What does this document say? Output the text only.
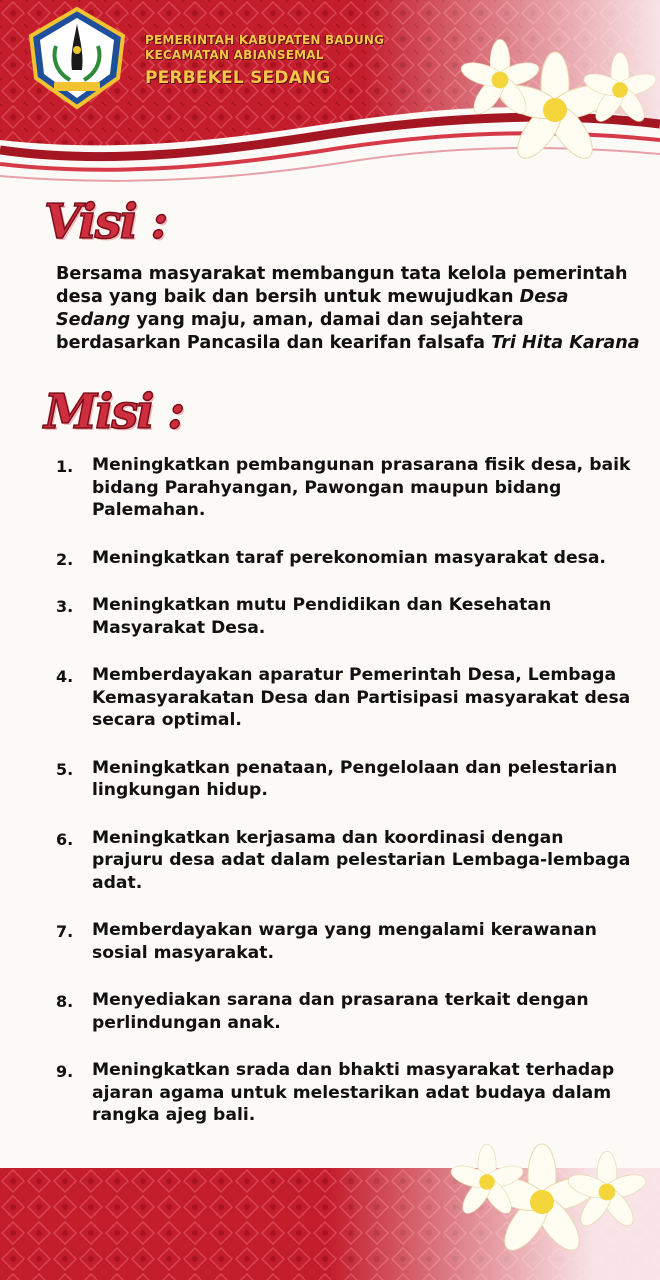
PEMERINTAH KABUPATEN BADUNG
KECAMATAN ABIANSEMAL
PERBEKEL SEDANG
Visi :
Bersama masyarakat membangun tata kelola pemerintah desa yang baik dan bersih untuk mewujudkan Desa Sedang yang maju, aman, damai dan sejahtera berdasarkan Pancasila dan kearifan falsafa Tri Hita Karana
Misi :
1. Meningkatkan pembangunan prasarana fisik desa, baik bidang Parahyangan, Pawongan maupun bidang Palemahan.
2. Meningkatkan taraf perekonomian masyarakat desa.
3. Meningkatkan mutu Pendidikan dan Kesehatan Masyarakat Desa.
4. Memberdayakan aparatur Pemerintah Desa, Lembaga Kemasyarakatan Desa dan Partisipasi masyarakat desa secara optimal.
5. Meningkatkan penataan, Pengelolaan dan pelestarian lingkungan hidup.
6. Meningkatkan kerjasama dan koordinasi dengan prajuru desa adat dalam pelestarian Lembaga-lembaga adat.
7. Memberdayakan warga yang mengalami kerawanan sosial masyarakat.
8. Menyediakan sarana dan prasarana terkait dengan perlindungan anak.
9. Meningkatkan srada dan bhakti masyarakat terhadap ajaran agama untuk melestarikan adat budaya dalam rangka ajeg bali.
